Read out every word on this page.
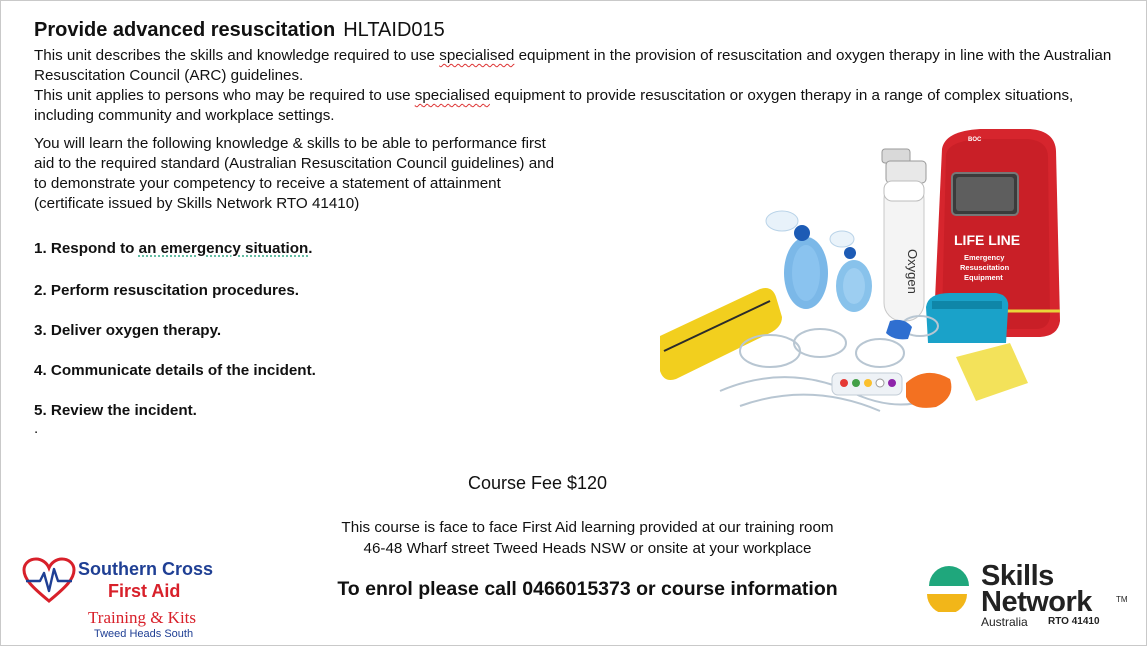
Provide advanced resuscitation HLTAID015

This unit describes the skills and knowledge required to use specialised equipment in the provision of resuscitation and oxygen therapy in line with the Australian Resuscitation Council (ARC) guidelines.

This unit applies to persons who may be required to use specialised equipment to provide resuscitation or oxygen therapy in a range of complex situations, including community and workplace settings.

You will learn the following knowledge & skills to be able to performance first

aid to the required standard (Australian Resuscitation Council guidelines) and

to demonstrate your competency to receive a statement of attainment

(certificate issued by Skills Network RTO 41410)

1. Respond to an emergency situation.
2. Perform resuscitation procedures.
3. Deliver oxygen therapy.
4. Communicate details of the incident.
5. Review the incident.
.
LIFE LINE
Emergency
Resuscitation
Equipment
BOC
Oxygen
Course Fee $120

This course is face to face First Aid learning provided at our training room

46-48 Wharf street Tweed Heads NSW or onsite at your workplace

To enrol please call 0466015373 or course information
Southern Cross
First Aid
Training & Kits
Tweed Heads South
Skills
Network	TM
Australia RTO 41410
